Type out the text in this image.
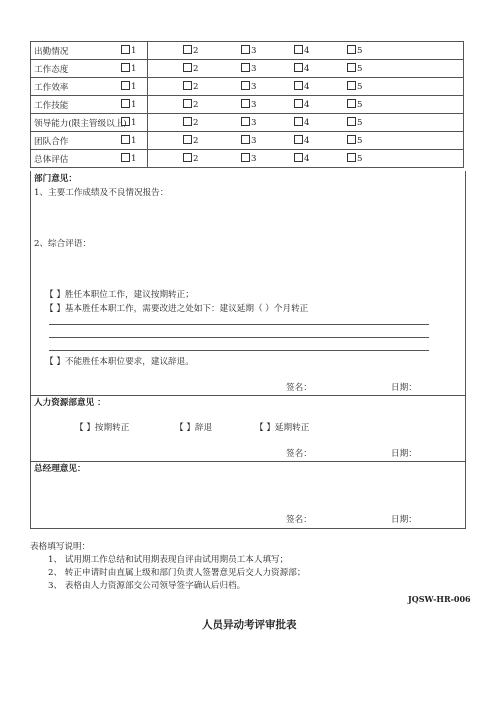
出勤情况	1 2 3 4 5

工作态度	1 2 3 4 5

工作效率	1 2 3 4 5

工作技能	1 2 3 4 5

领导能力(限主管级以上)	1 2 3 4 5

团队合作	1 2 3 4 5

总体评估	1 2 3 4 5
部门意见：
1、主要工作成绩及不良情况报告：
2、综合评语：
【 】胜任本职位工作，建议按期转正；
【 】基本胜任本职工作，需要改进之处如下：建议延期（ ）个月转正
【 】不能胜任本职位要求，建议辞退。
签名：	日期：
人力资源部意见 ：
【 】按期转正	【 】辞退	【 】延期转正
签名：	日期：
总经理意见：
签名：	日期：
表格填写说明：
1、 试用期工作总结和试用期表现自评由试用期员工本人填写；
2、 转正申请时由直属上级和部门负责人签署意见后交人力资源部；
3、 表格由人力资源部交公司领导签字确认后归档。
JQSW-HR-006
人员异动考评审批表
